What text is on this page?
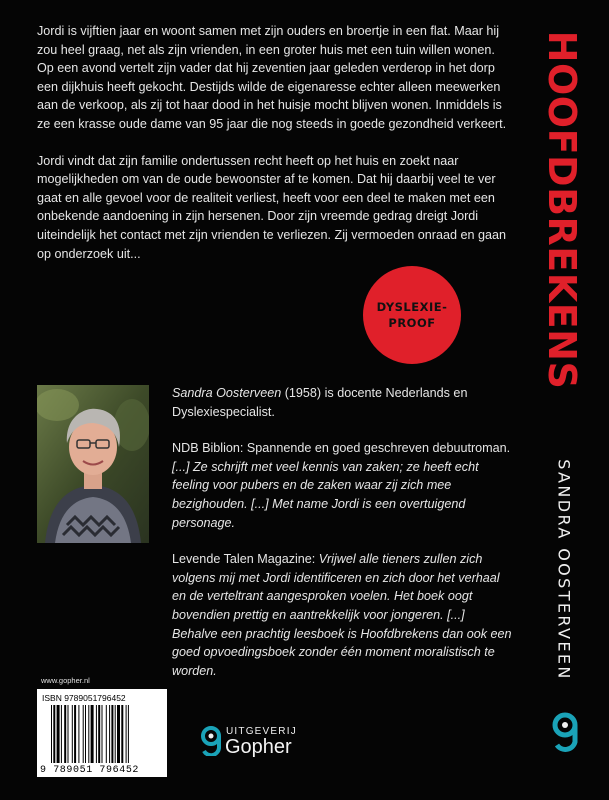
Jordi is vijftien jaar en woont samen met zijn ouders en broertje in een flat. Maar hij zou heel graag, net als zijn vrienden, in een groter huis met een tuin willen wonen. Op een avond vertelt zijn vader dat hij zeventien jaar geleden verderop in het dorp een dijkhuis heeft gekocht. Destijds wilde de eigenaresse echter alleen meewerken aan de verkoop, als zij tot haar dood in het huisje mocht blijven wonen. Inmiddels is ze een krasse oude dame van 95 jaar die nog steeds in goede gezondheid verkeert.

Jordi vindt dat zijn familie ondertussen recht heeft op het huis en zoekt naar mogelijkheden om van de oude bewoonster af te komen. Dat hij daarbij veel te ver gaat en alle gevoel voor de realiteit verliest, heeft voor een deel te maken met een onbekende aandoening in zijn hersenen. Door zijn vreemde gedrag dreigt Jordi uiteindelijk het contact met zijn vrienden te verliezen. Zij vermoeden onraad en gaan op onderzoek uit...

DYSLEXIE-
PROOF	HOOFDBREKENS
SANDRA OOSTERVEEN

Sandra Oosterveen (1958) is docente Nederlands en Dyslexiespecialist.

NDB Biblion: Spannende en goed geschreven debuutroman.
[...] Ze schrijft met veel kennis van zaken; ze heeft echt feeling voor pubers en de zaken waar zij zich mee bezighouden. [...] Met name Jordi is een overtuigend personage.

Levende Talen Magazine: Vrijwel alle tieners zullen zich volgens mij met Jordi identificeren en zich door het verhaal en de verteltrant aangesproken voelen. Het boek oogt bovendien prettig en aantrekkelijk voor jongeren. [...] Behalve een prachtig leesboek is Hoofdbrekens dan ook een goed opvoedingsboek zonder één moment moralistisch te worden.

www.gopher.nl
ISBN 9789051796452
9 789051 796452
UITGEVERIJ
Gopher
